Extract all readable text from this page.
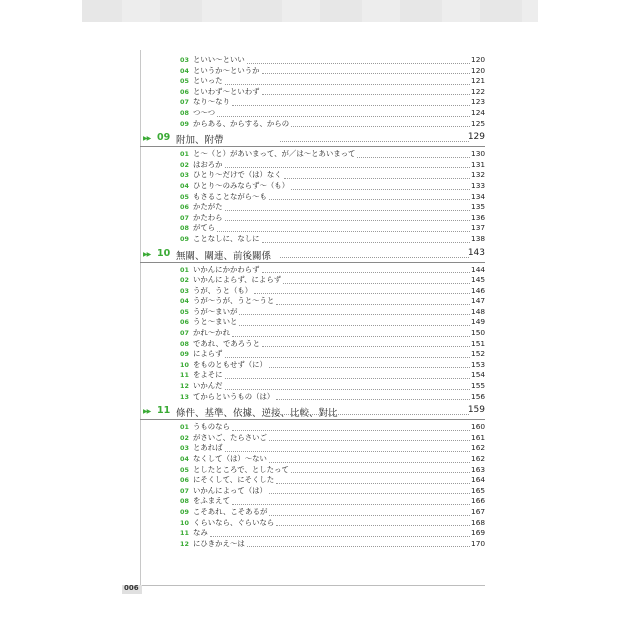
03 といい〜といい	120
04 というか〜というか	120
05 といった	121
06 といわず〜といわず	122
07 なり〜なり	123
08 つ〜つ	124
09 からある、からする、からの	125
▶▶ 09 附加、附帶	129
01 と〜（と）があいまって、が／は〜とあいまって	130
02 はおろか	131
03 ひとり〜だけで（は）なく	132
04 ひとり〜のみならず〜（も）	133
05 もさることながら〜も	134
06 かたがた	135
07 かたわら	136
08 がてら	137
09 ことなしに、なしに	138
▶▶ 10 無關、關連、前後關係	143
01 いかんにかかわらず	144
02 いかんによらず、によらず	145
03 うが、うと（も）	146
04 うが〜うが、うと〜うと	147
05 うが〜まいが	148
06 うと〜まいと	149
07 かれ〜かれ	150
08 であれ、であろうと	151
09 によらず	152
10 をものともせず（に）	153
11 をよそに	154
12 いかんだ	155
13 てからというもの（は）	156
▶▶ 11 條件、基準、依據、逆接、比較、對比	159
01 うものなら	160
02 がさいご、たらさいご	161
03 とあれば	162
04 なくして（は）〜ない	162
05 としたところで、としたって	163
06 にそくして、にそくした	164
07 いかんによって（は）	165
08 をふまえて	166
09 こそあれ、こそあるが	167
10 くらいなら、ぐらいなら	168
11 なみ	169
12 にひきかえ〜は	170
006
